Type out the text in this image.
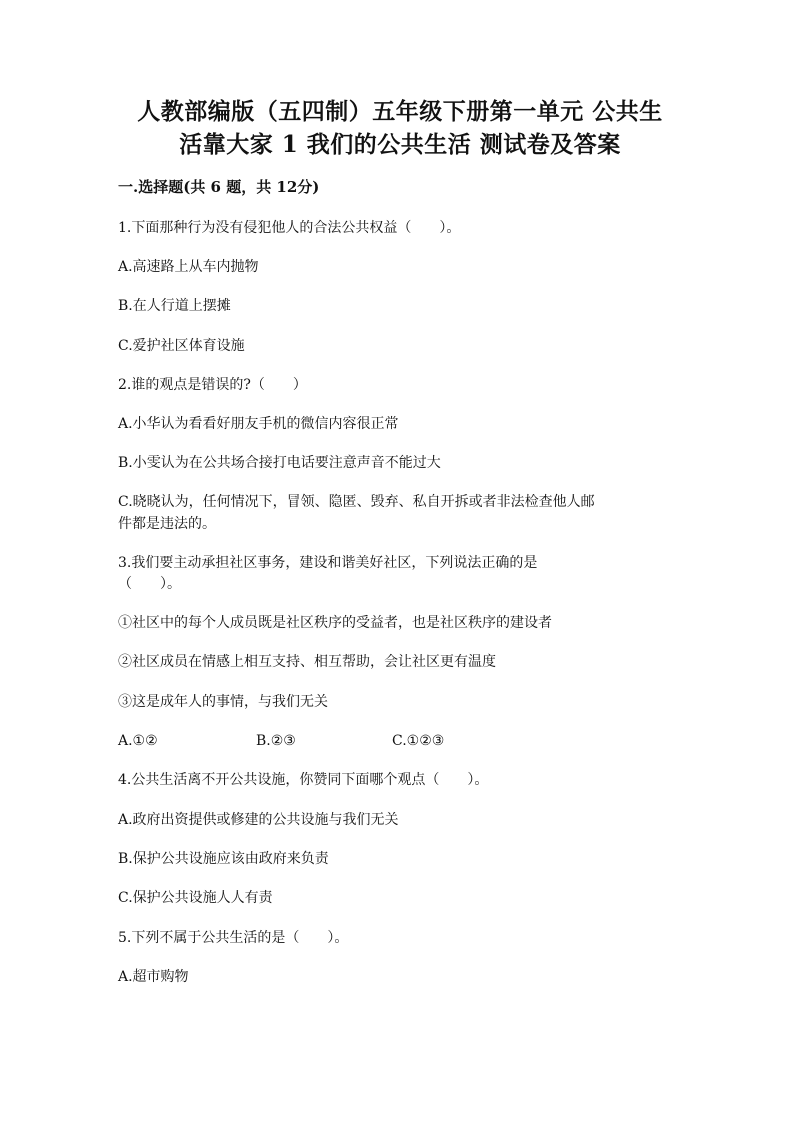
人教部编版（五四制）五年级下册第一单元 公共生
活靠大家 1 我们的公共生活 测试卷及答案
一.选择题(共 6 题，共 12分)
1.下面那种行为没有侵犯他人的合法公共权益（　　）。
A.高速路上从车内抛物
B.在人行道上摆摊
C.爱护社区体育设施
2.谁的观点是错误的?（　　）
A.小华认为看看好朋友手机的微信内容很正常
B.小雯认为在公共场合接打电话要注意声音不能过大
C.晓晓认为，任何情况下，冒领、隐匿、毁弃、私自开拆或者非法检查他人邮
件都是违法的。
3.我们要主动承担社区事务，建设和谐美好社区，下列说法正确的是
（　　）。
①社区中的每个人成员既是社区秩序的受益者，也是社区秩序的建设者
②社区成员在情感上相互支持、相互帮助，会让社区更有温度
③这是成年人的事情，与我们无关
A.①②	B.②③	C.①②③
4.公共生活离不开公共设施，你赞同下面哪个观点（　　）。
A.政府出资提供或修建的公共设施与我们无关
B.保护公共设施应该由政府来负责
C.保护公共设施人人有责
5.下列不属于公共生活的是（　　）。
A.超市购物
